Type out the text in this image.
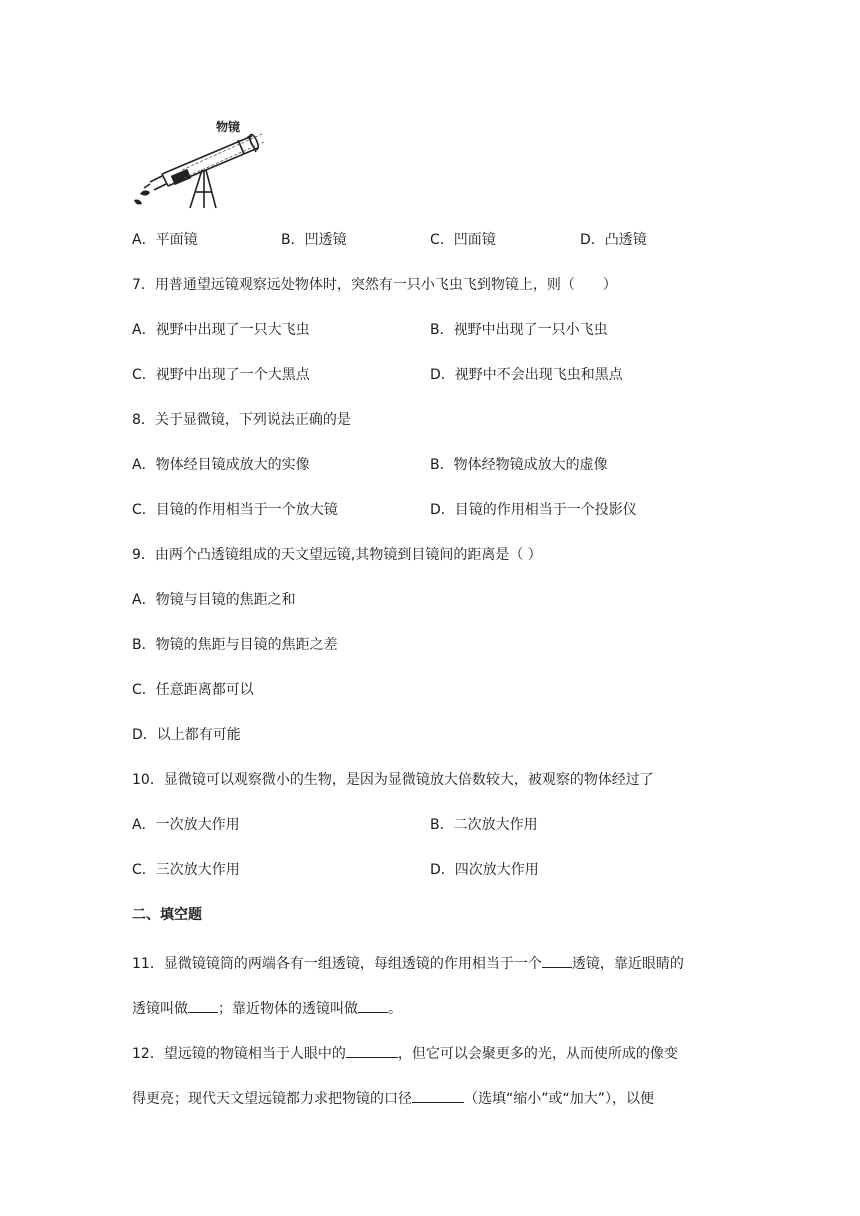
物镜
A．平面镜	B．凹透镜	C．凹面镜	D．凸透镜
7．用普通望远镜观察远处物体时，突然有一只小飞虫飞到物镜上，则（　　）
A．视野中出现了一只大飞虫	B．视野中出现了一只小飞虫
C．视野中出现了一个大黑点	D．视野中不会出现飞虫和黑点
8．关于显微镜，下列说法正确的是
A．物体经目镜成放大的实像	B．物体经物镜成放大的虚像
C．目镜的作用相当于一个放大镜	D．目镜的作用相当于一个投影仪
9．由两个凸透镜组成的天文望远镜,其物镜到目镜间的距离是（ ）
A．物镜与目镜的焦距之和
B．物镜的焦距与目镜的焦距之差
C．任意距离都可以
D．以上都有可能
10．显微镜可以观察微小的生物，是因为显微镜放大倍数较大，被观察的物体经过了
A．一次放大作用	B．二次放大作用
C．三次放大作用	D．四次放大作用
二、填空题
11．显微镜镜筒的两端各有一组透镜，每组透镜的作用相当于一个 透镜，靠近眼睛的
透镜叫做 ；靠近物体的透镜叫做 。
12．望远镜的物镜相当于人眼中的	，但它可以会聚更多的光，从而使所成的像变
得更亮；现代天文望远镜都力求把物镜的口径	（选填“缩小”或“加大”），以便
